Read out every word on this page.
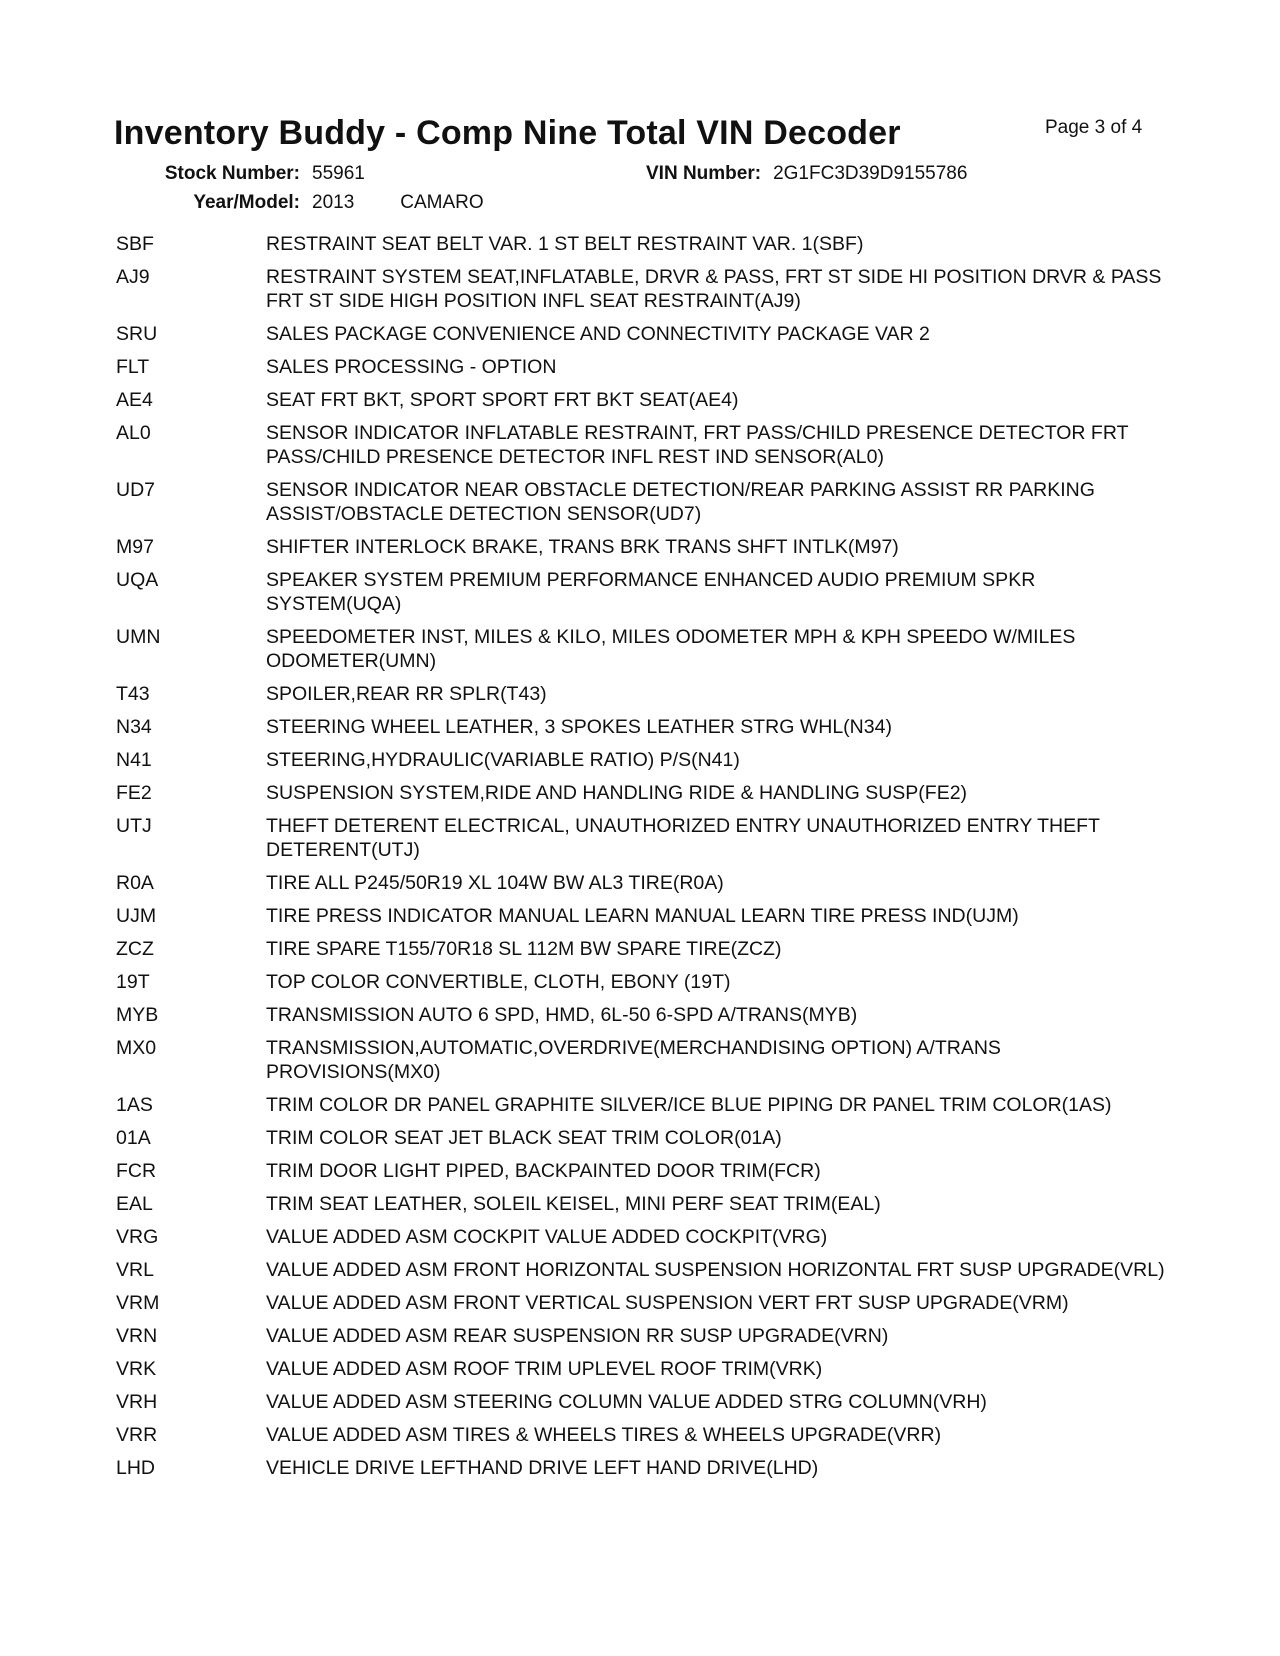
Inventory Buddy - Comp Nine Total VIN Decoder	Page 3 of 4
Stock Number: 55961	VIN Number: 2G1FC3D39D9155786
Year/Model: 2013 CAMARO
SBF	RESTRAINT SEAT BELT VAR. 1 ST BELT RESTRAINT VAR. 1(SBF)
AJ9	RESTRAINT SYSTEM SEAT,INFLATABLE, DRVR & PASS, FRT ST SIDE HI POSITION DRVR & PASS FRT ST SIDE HIGH POSITION INFL SEAT RESTRAINT(AJ9)
SRU	SALES PACKAGE CONVENIENCE AND CONNECTIVITY PACKAGE VAR 2
FLT	SALES PROCESSING - OPTION
AE4	SEAT FRT BKT, SPORT SPORT FRT BKT SEAT(AE4)
AL0	SENSOR INDICATOR INFLATABLE RESTRAINT, FRT PASS/CHILD PRESENCE DETECTOR FRT PASS/CHILD PRESENCE DETECTOR INFL REST IND SENSOR(AL0)
UD7	SENSOR INDICATOR NEAR OBSTACLE DETECTION/REAR PARKING ASSIST RR PARKING ASSIST/OBSTACLE DETECTION SENSOR(UD7)
M97	SHIFTER INTERLOCK BRAKE, TRANS BRK TRANS SHFT INTLK(M97)
UQA	SPEAKER SYSTEM PREMIUM PERFORMANCE ENHANCED AUDIO PREMIUM SPKR SYSTEM(UQA)
UMN	SPEEDOMETER INST, MILES & KILO, MILES ODOMETER MPH & KPH SPEEDO W/MILES ODOMETER(UMN)
T43	SPOILER,REAR RR SPLR(T43)
N34	STEERING WHEEL LEATHER, 3 SPOKES LEATHER STRG WHL(N34)
N41	STEERING,HYDRAULIC(VARIABLE RATIO) P/S(N41)
FE2	SUSPENSION SYSTEM,RIDE AND HANDLING RIDE & HANDLING SUSP(FE2)
UTJ	THEFT DETERENT ELECTRICAL, UNAUTHORIZED ENTRY UNAUTHORIZED ENTRY THEFT DETERENT(UTJ)
R0A	TIRE ALL P245/50R19 XL 104W BW AL3 TIRE(R0A)
UJM	TIRE PRESS INDICATOR MANUAL LEARN MANUAL LEARN TIRE PRESS IND(UJM)
ZCZ	TIRE SPARE T155/70R18 SL 112M BW SPARE TIRE(ZCZ)
19T	TOP COLOR CONVERTIBLE, CLOTH, EBONY (19T)
MYB	TRANSMISSION AUTO 6 SPD, HMD, 6L-50 6-SPD A/TRANS(MYB)
MX0	TRANSMISSION,AUTOMATIC,OVERDRIVE(MERCHANDISING OPTION) A/TRANS PROVISIONS(MX0)
1AS	TRIM COLOR DR PANEL GRAPHITE SILVER/ICE BLUE PIPING DR PANEL TRIM COLOR(1AS)
01A	TRIM COLOR SEAT JET BLACK SEAT TRIM COLOR(01A)
FCR	TRIM DOOR LIGHT PIPED, BACKPAINTED DOOR TRIM(FCR)
EAL	TRIM SEAT LEATHER, SOLEIL KEISEL, MINI PERF SEAT TRIM(EAL)
VRG	VALUE ADDED ASM COCKPIT VALUE ADDED COCKPIT(VRG)
VRL	VALUE ADDED ASM FRONT HORIZONTAL SUSPENSION HORIZONTAL FRT SUSP UPGRADE(VRL)
VRM	VALUE ADDED ASM FRONT VERTICAL SUSPENSION VERT FRT SUSP UPGRADE(VRM)
VRN	VALUE ADDED ASM REAR SUSPENSION RR SUSP UPGRADE(VRN)
VRK	VALUE ADDED ASM ROOF TRIM UPLEVEL ROOF TRIM(VRK)
VRH	VALUE ADDED ASM STEERING COLUMN VALUE ADDED STRG COLUMN(VRH)
VRR	VALUE ADDED ASM TIRES & WHEELS TIRES & WHEELS UPGRADE(VRR)
LHD	VEHICLE DRIVE LEFTHAND DRIVE LEFT HAND DRIVE(LHD)
